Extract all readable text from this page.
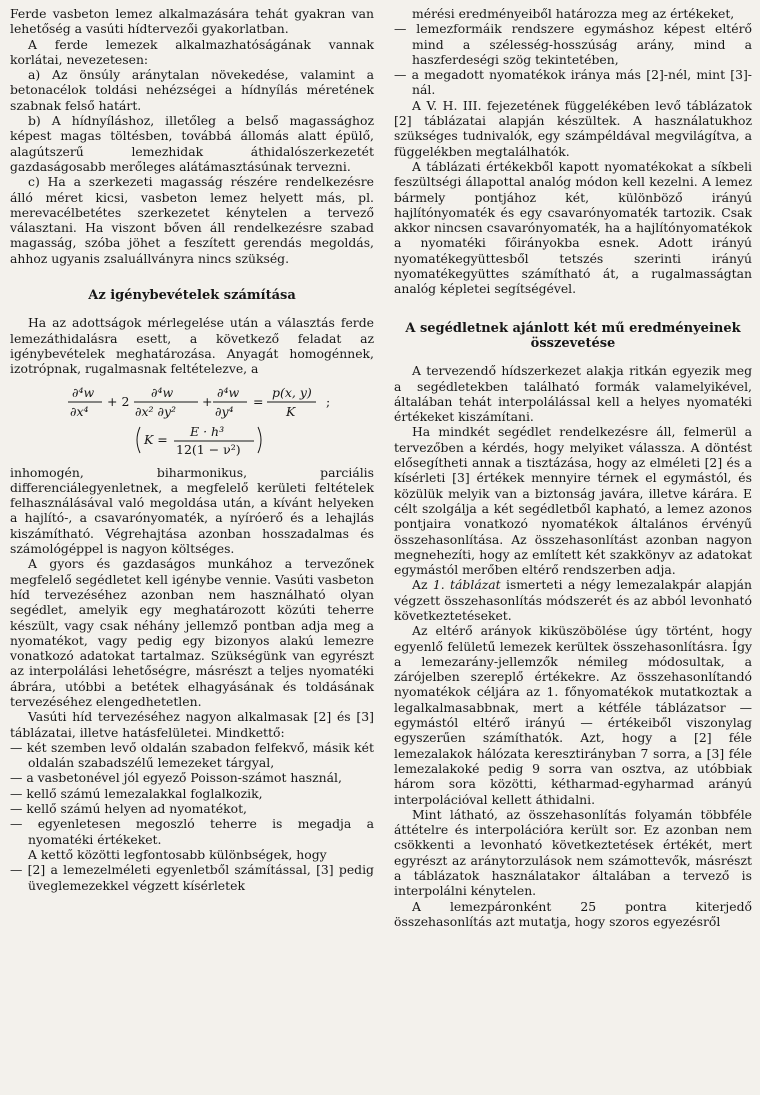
Ferde vasbeton lemez alkalmazására tehát gyakran van lehetőség a vasúti hídtervezői gyakorlatban.

A ferde lemezek alkalmazhatóságának vannak korlátai, nevezetesen:

a) Az önsúly aránytalan növekedése, valamint a betonacélok toldási nehézségei a hídnyílás méretének szabnak felső határt.

b) A hídnyíláshoz, illetőleg a belső magassághoz képest magas töltésben, továbbá állomás alatt épülő, alagútszerű lemezhidak áthidalószerkezetét gazdaságosabb merőleges alátámasztásúnak tervezni.

c) Ha a szerkezeti magasság részére rendelkezésre álló méret kicsi, vasbeton lemez helyett más, pl. merevacélbetétes szerkezetet kénytelen a tervező választani. Ha viszont bőven áll rendelkezésre szabad magasság, szóba jöhet a feszített gerendás megoldás, ahhoz ugyanis zsaluállványra nincs szükség.

Az igénybevételek számítása

Ha az adottságok mérlegelése után a választás ferde lemezáthidalásra esett, a következő feladat az igénybevételek meghatározása. Anyagát homogénnek, izotrópnak, rugalmasnak feltételezve, a

∂⁴w
∂x⁴
+ 2
∂⁴w
∂x² ∂y²
+
∂⁴w
∂y⁴
=
p(x, y)
K
;
K =
E · h³
12(1 − ν²)

inhomogén, biharmonikus, parciális differenciálegyenletnek, a megfelelő kerületi feltételek felhasználásával való megoldása után, a kívánt helyeken a hajlító-, a csavarónyomaték, a nyíróerő és a lehajlás kiszámítható. Végrehajtása azonban hosszadalmas és számológéppel is nagyon költséges.

A gyors és gazdaságos munkához a tervezőnek megfelelő segédletet kell igénybe vennie. Vasúti vasbeton híd tervezéséhez azonban nem használható olyan segédlet, amelyik egy meghatározott közúti teherre készült, vagy csak néhány jellemző pontban adja meg a nyomatékot, vagy pedig egy bizonyos alakú lemezre vonatkozó adatokat tartalmaz. Szükségünk van egyrészt az interpolálási lehetőségre, másrészt a teljes nyomatéki ábrára, utóbbi a betétek elhagyásának és toldásának tervezéséhez elengedhetetlen.

Vasúti híd tervezéséhez nagyon alkalmasak [2] és [3] táblázatai, illetve hatásfelületei. Mindkettő:

— két szemben levő oldalán szabadon felfekvő, másik két oldalán szabadszélű lemezeket tárgyal,

— a vasbetonével jól egyező Poisson-számot használ,

— kellő számú lemezalakkal foglalkozik,

— kellő számú helyen ad nyomatékot,

— egyenletesen megoszló teherre is megadja a nyomatéki értékeket.

A kettő közötti legfontosabb különbségek, hogy

— [2] a lemezelméleti egyenletből számítással, [3] pedig üveglemezekkel végzett kísérletek

mérési eredményeiből határozza meg az értékeket,

— lemezformáik rendszere egymáshoz képest eltérő mind a szélesség-hosszúság arány, mind a haszferdeségi szög tekintetében,

— a megadott nyomatékok iránya más [2]-nél, mint [3]-nál.

A V. H. III. fejezetének függelékében levő táblázatok [2] táblázatai alapján készültek. A használatukhoz szükséges tudnivalók, egy számpéldával megvilágítva, a függelékben megtalálhatók.

A táblázati értékekből kapott nyomatékokat a síkbeli feszültségi állapottal analóg módon kell kezelni. A lemez bármely pontjához két, különböző irányú hajlítónyomaték és egy csavarónyomaték tartozik. Csak akkor nincsen csavarónyomaték, ha a hajlítónyomatékok a nyomatéki főirányokba esnek. Adott irányú nyomatékegyüttesből tetszés szerinti irányú nyomatékegyüttes számítható át, a rugalmasságtan analóg képletei segítségével.

A segédletnek ajánlott két mű eredményeinek összevetése

A tervezendő hídszerkezet alakja ritkán egyezik meg a segédletekben található formák valamelyikével, általában tehát interpolálással kell a helyes nyomatéki értékeket kiszámítani.

Ha mindkét segédlet rendelkezésre áll, felmerül a tervezőben a kérdés, hogy melyiket válassza. A döntést elősegítheti annak a tisztázása, hogy az elméleti [2] és a kísérleti [3] értékek mennyire térnek el egymástól, és közülük melyik van a biztonság javára, illetve kárára. E célt szolgálja a két segédletből kapható, a lemez azonos pontjaira vonatkozó nyomatékok általános érvényű összehasonlítása. Az összehasonlítást azonban nagyon megnehezíti, hogy az említett két szakkönyv az adatokat egymástól merőben eltérő rendszerben adja.

Az 1. táblázat ismerteti a négy lemezalakpár alapján végzett összehasonlítás módszerét és az abból levonható következtetéseket.

Az eltérő arányok kiküszöbölése úgy történt, hogy egyenlő felületű lemezek kerültek összehasonlításra. Így a lemezarány-jellemzők némileg módosultak, a zárójelben szereplő értékekre. Az összehasonlítandó nyomatékok céljára az 1. főnyomatékok mutatkoztak a legalkalmasabbnak, mert a kétféle táblázatsor — egymástól eltérő irányú — értékeiből viszonylag egyszerűen számíthatók. Azt, hogy a [2] féle lemezalakok hálózata keresztirányban 7 sorra, a [3] féle lemezalakoké pedig 9 sorra van osztva, az utóbbiak három sora közötti, kétharmad-egyharmad arányú interpolációval kellett áthidalni.

Mint látható, az összehasonlítás folyamán többféle áttételre és interpolációra került sor. Ez azonban nem csökkenti a levonható következtetések értékét, mert egyrészt az aránytorzulások nem számottevők, másrészt a táblázatok használatakor általában a tervező is interpolálni kénytelen.

A lemezpáronként 25 pontra kiterjedő összehasonlítás azt mutatja, hogy szoros egyezésről
